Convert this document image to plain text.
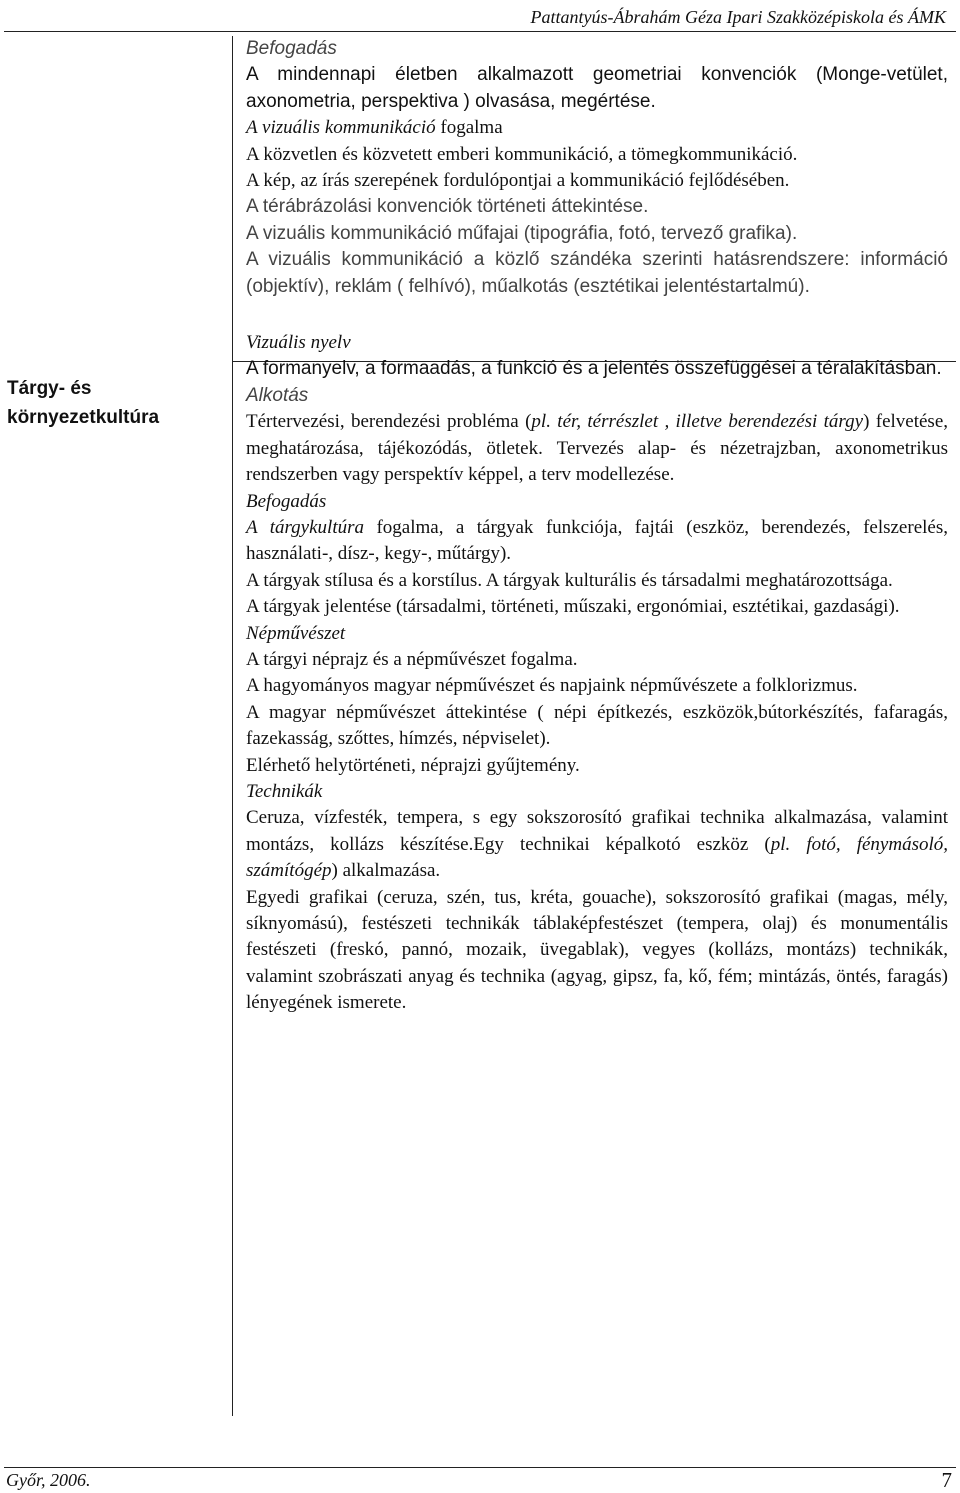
Pattantyús-Ábrahám Géza Ipari Szakközépiskola és ÁMK
Tárgy- és
környezetkultúra

Befogadás

A mindennapi életben alkalmazott geometriai konvenciók (Monge-vetület, axonometria, perspektiva ) olvasása, megértése.

A vizuális kommunikáció fogalma

A közvetlen és közvetett emberi kommunikáció, a tömegkommunikáció.

A kép, az írás szerepének fordulópontjai a kommunikáció fejlődésében.

A térábrázolási konvenciók történeti áttekintése.

A vizuális kommunikáció műfajai (tipográfia, fotó, tervező grafika).

A vizuális kommunikáció a közlő szándéka szerinti hatásrendszere: információ (objektív), reklám ( felhívó), műalkotás (esztétikai jelentéstartalmú).

Vizuális nyelv

A formanyelv, a formaadás, a funkció és a jelentés összefüggései a téralakításban.

Alkotás

Tértervezési, berendezési probléma (pl. tér, térrészlet , illetve berendezési tárgy) felvetése, meghatározása, tájékozódás, ötletek. Tervezés alap- és nézetrajzban, axonometrikus rendszerben vagy perspektív képpel, a terv modellezése.

Befogadás

A tárgykultúra fogalma, a tárgyak funkciója, fajtái (eszköz, berendezés, felszerelés, használati-, dísz-, kegy-, műtárgy).

A tárgyak stílusa és a korstílus. A tárgyak kulturális és társadalmi meghatározottsága.

A tárgyak jelentése (társadalmi, történeti, műszaki, ergonómiai, esztétikai, gazdasági).

Népművészet

A tárgyi néprajz és a népművészet fogalma.

A hagyományos magyar népművészet és napjaink népművészete a folklorizmus.

A magyar népművészet áttekintése ( népi építkezés, eszközök,bútorkészítés, fafaragás, fazekasság, szőttes, hímzés, népviselet).

Elérhető helytörténeti, néprajzi gyűjtemény.

Technikák

Ceruza, vízfesték, tempera, s egy sokszorosító grafikai technika alkalmazása, valamint montázs, kollázs készítése.Egy technikai képalkotó eszköz (pl. fotó, fénymásoló, számítógép) alkalmazása.

Egyedi grafikai (ceruza, szén, tus, kréta, gouache), sokszorosító grafikai (magas, mély, síknyomású), festészeti technikák táblaképfestészet (tempera, olaj) és monumentális festészeti (freskó, pannó, mozaik, üvegablak), vegyes (kollázs, montázs) technikák, valamint szobrászati anyag és technika (agyag, gipsz, fa, kő, fém; mintázás, öntés, faragás) lényegének ismerete.

Győr, 2006.	7
